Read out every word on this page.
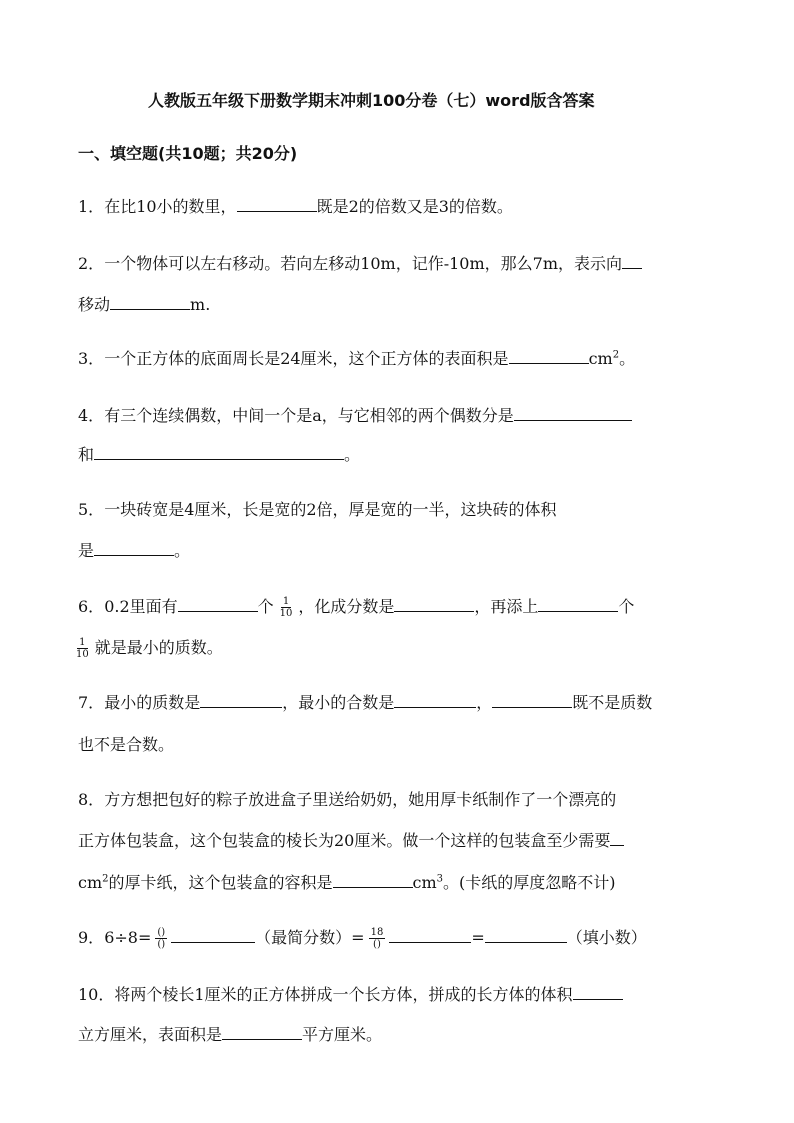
人教版五年级下册数学期末冲刺100分卷（七）word版含答案
一、填空题(共10题；共20分)
1．在比10小的数里，	既是2的倍数又是3的倍数。
2．一个物体可以左右移动。若向左移动10m，记作-10m，那么7m，表示向
移动	m.
3．一个正方体的底面周长是24厘米，这个正方体的表面积是	$cm^2$。
4．有三个连续偶数，中间一个是a，与它相邻的两个偶数分是
和	。
5．一块砖宽是4厘米，长是宽的2倍，厚是宽的一半，这块砖的体积
是	。
6．0.2里面有	个 $\frac{1}{10}$ ，化成分数是	，再添上	个
$\frac{1}{10}$ 就是最小的质数。
7．最小的质数是	，最小的合数是	，	既不是质数
也不是合数。
8．方方想把包好的粽子放进盒子里送给奶奶，她用厚卡纸制作了一个漂亮的
正方体包装盒，这个包装盒的棱长为20厘米。做一个这样的包装盒至少需要
$cm^2$的厚卡纸，这个包装盒的容积是	$cm^3$。(卡纸的厚度忽略不计)
9．$6\div 8= \frac{()}{()}$	（最简分数）= $\frac{18}{()}$	=	（填小数）
10．将两个棱长1厘米的正方体拼成一个长方体，拼成的长方体的体积
立方厘米，表面积是	平方厘米。
